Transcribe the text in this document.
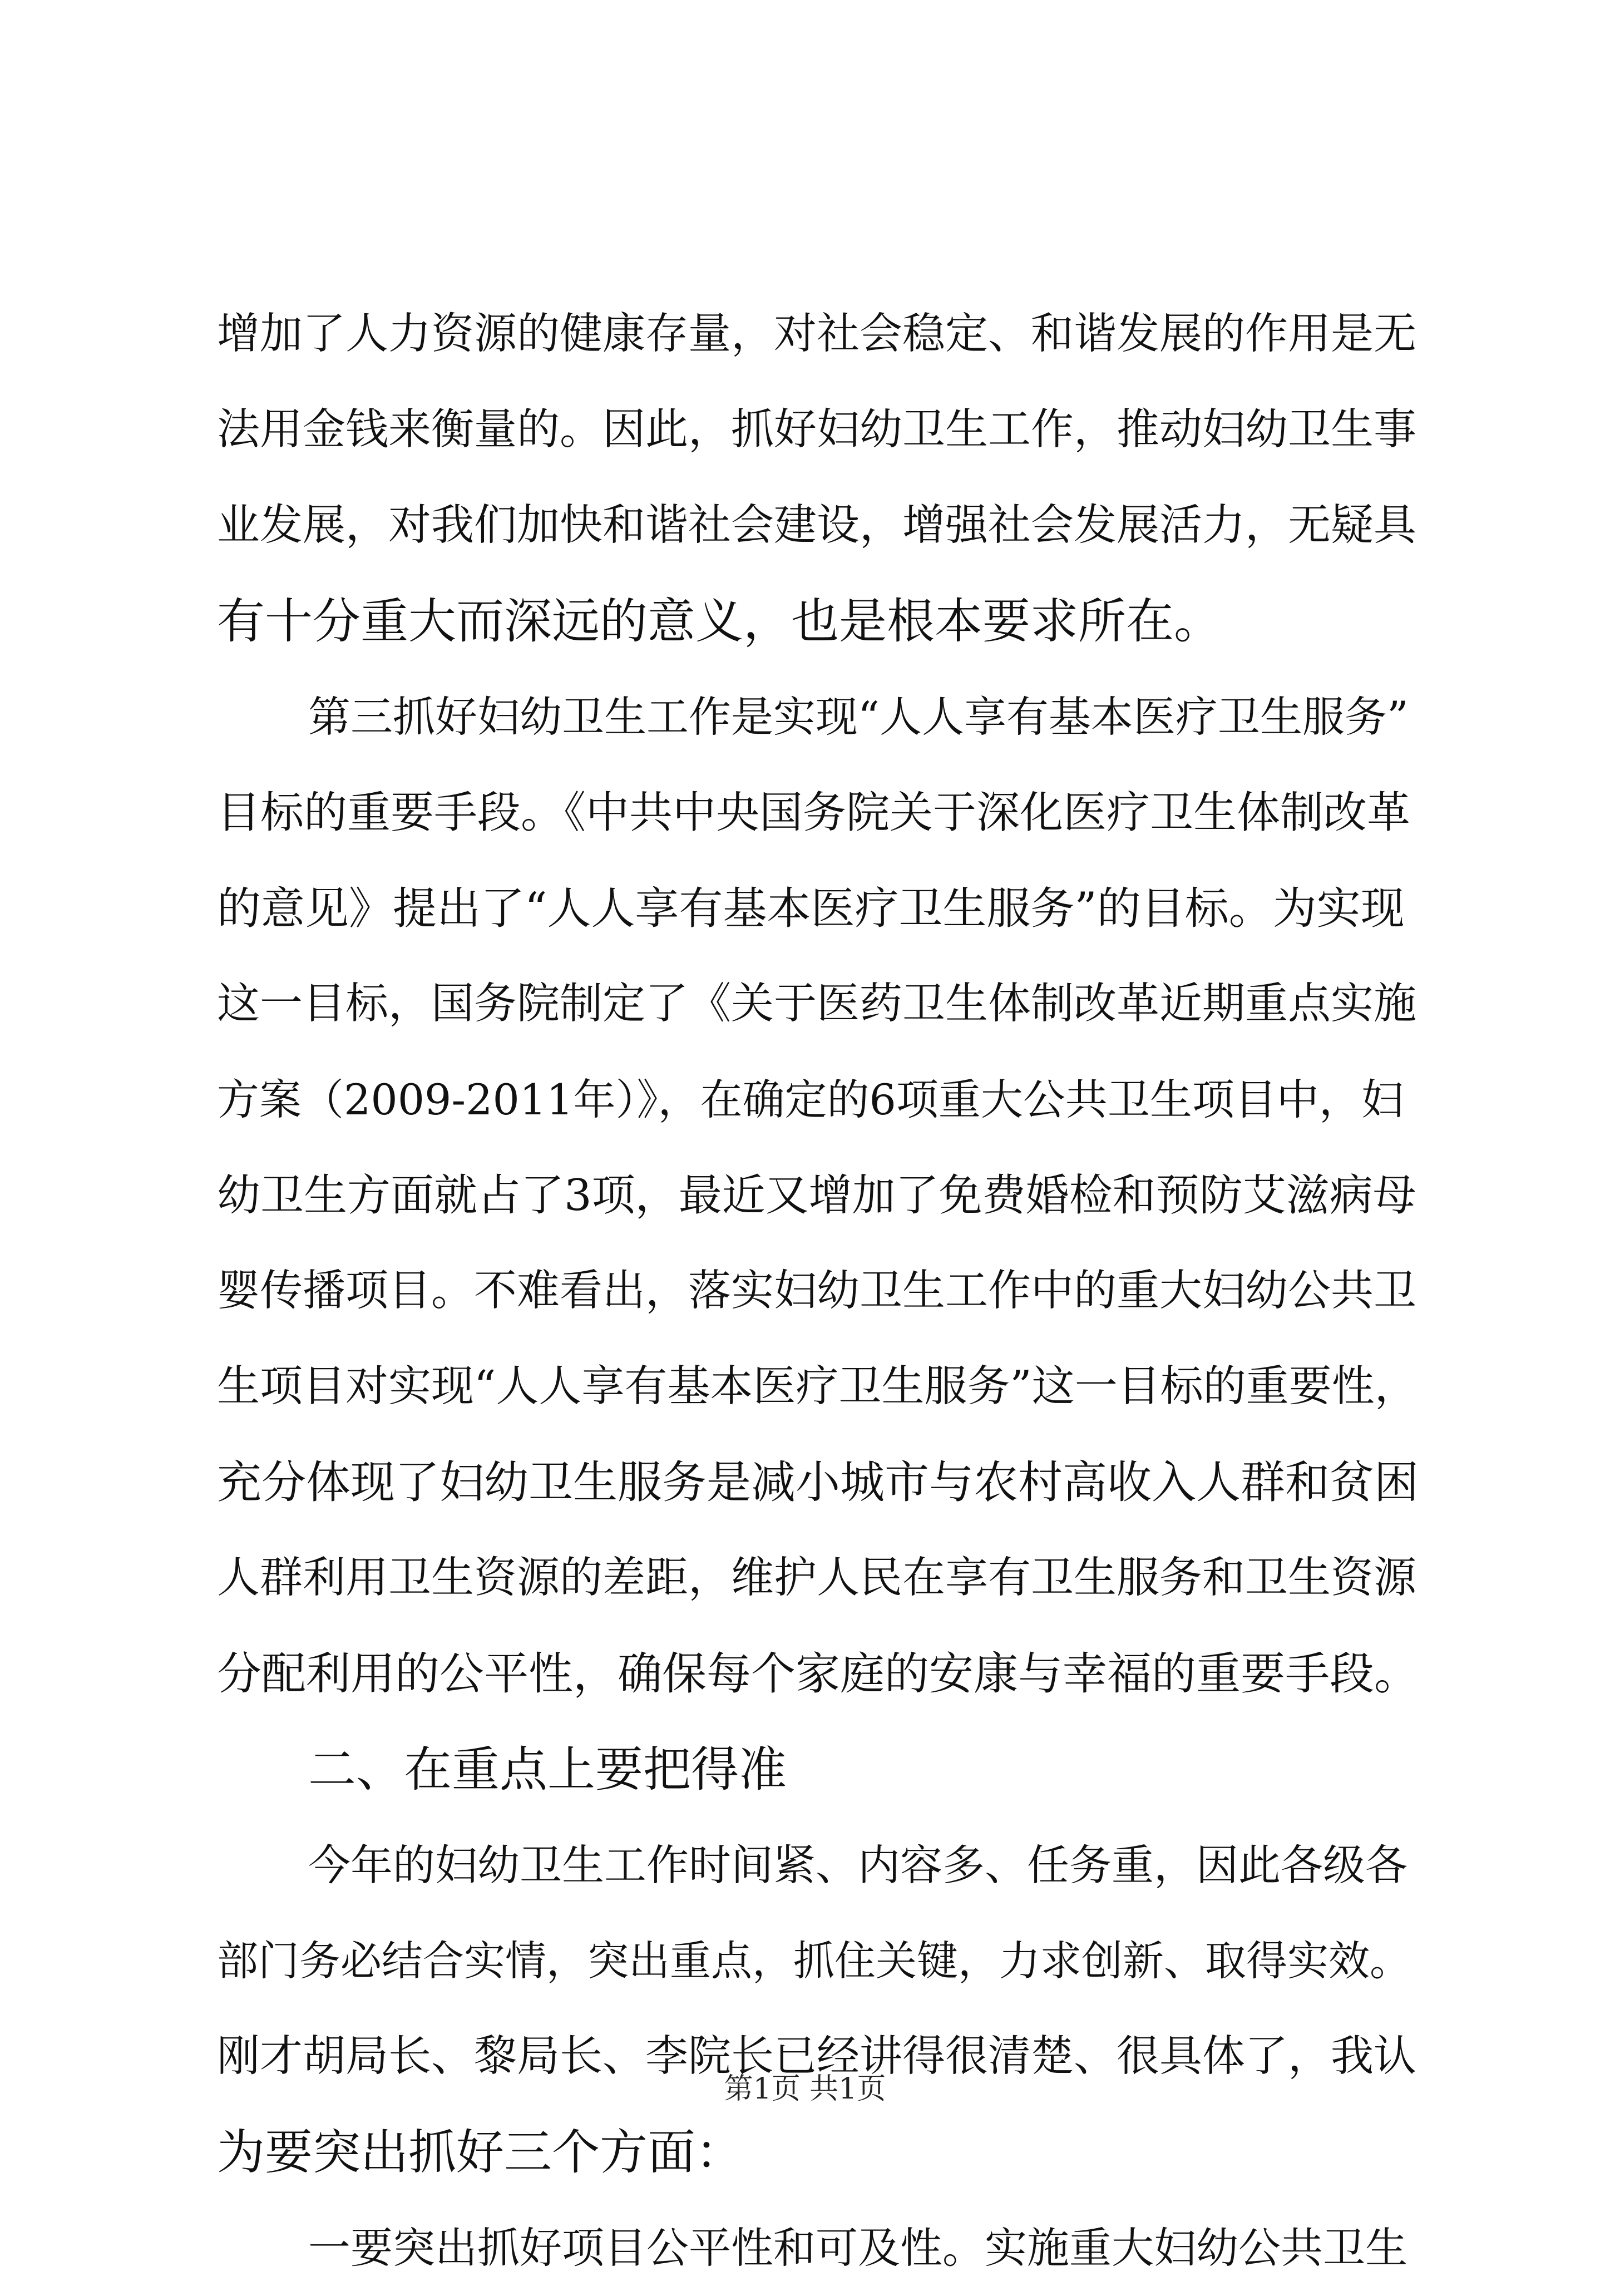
增加了人力资源的健康存量，对社会稳定、和谐发展的作用是无
法用金钱来衡量的。因此，抓好妇幼卫生工作，推动妇幼卫生事
业发展，对我们加快和谐社会建设，增强社会发展活力，无疑具
有十分重大而深远的意义，也是根本要求所在。
第三抓好妇幼卫生工作是实现“人人享有基本医疗卫生服务”
目标的重要手段。《中共中央国务院关于深化医疗卫生体制改革
的意见》提出了“人人享有基本医疗卫生服务”的目标。为实现
这一目标，国务院制定了《关于医药卫生体制改革近期重点实施
方案（2009-2011年）》，在确定的6项重大公共卫生项目中，妇
幼卫生方面就占了3项，最近又增加了免费婚检和预防艾滋病母
婴传播项目。不难看出，落实妇幼卫生工作中的重大妇幼公共卫
生项目对实现“人人享有基本医疗卫生服务”这一目标的重要性，
充分体现了妇幼卫生服务是减小城市与农村高收入人群和贫困
人群利用卫生资源的差距，维护人民在享有卫生服务和卫生资源
分配利用的公平性，确保每个家庭的安康与幸福的重要手段。
二、在重点上要把得准
今年的妇幼卫生工作时间紧、内容多、任务重，因此各级各
部门务必结合实情，突出重点，抓住关键，力求创新、取得实效。
刚才胡局长、黎局长、李院长已经讲得很清楚、很具体了，我认
为要突出抓好三个方面：
一要突出抓好项目公平性和可及性。实施重大妇幼公共卫生
第1页 共1页
